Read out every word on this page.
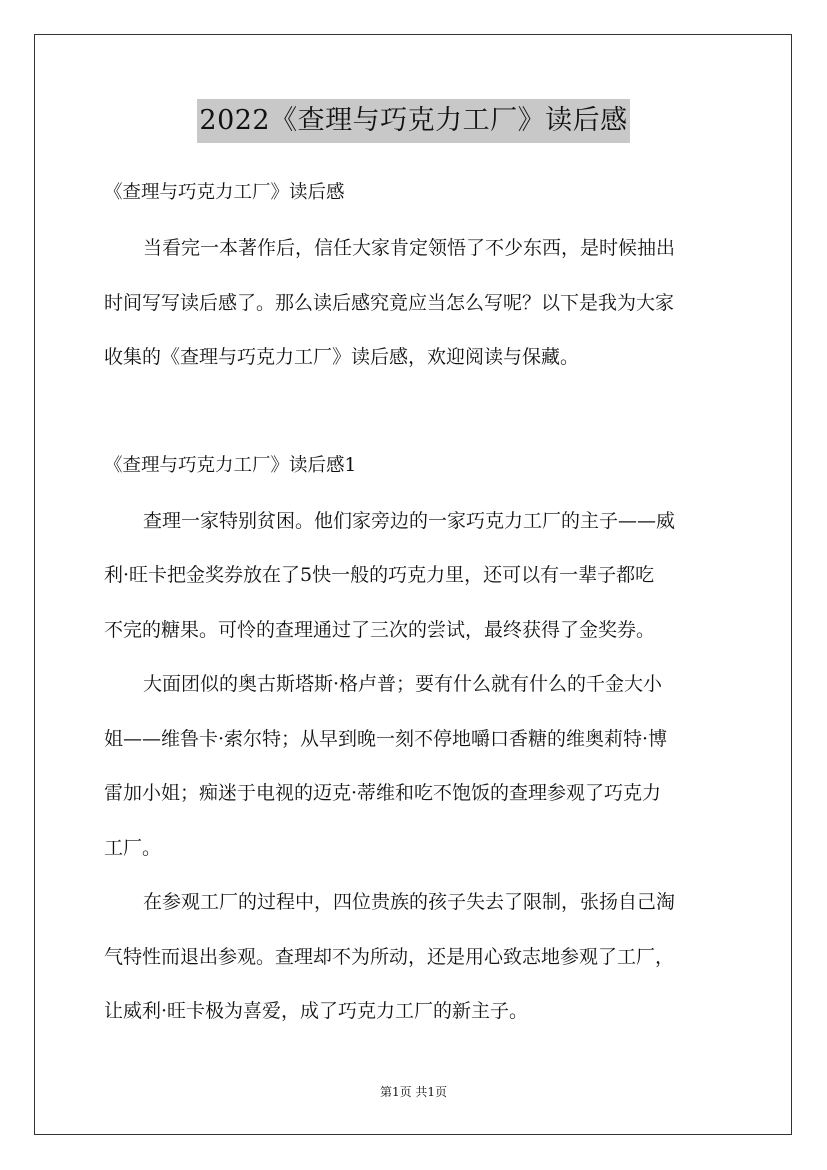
2022《查理与巧克力工厂》读后感
《查理与巧克力工厂》读后感
当看完一本著作后，信任大家肯定领悟了不少东西，是时候抽出
时间写写读后感了。那么读后感究竟应当怎么写呢？以下是我为大家
收集的《查理与巧克力工厂》读后感，欢迎阅读与保藏。
《查理与巧克力工厂》读后感1
查理一家特别贫困。他们家旁边的一家巧克力工厂的主子——威
利·旺卡把金奖券放在了5快一般的巧克力里，还可以有一辈子都吃
不完的糖果。可怜的查理通过了三次的尝试，最终获得了金奖券。
大面团似的奥古斯塔斯·格卢普；要有什么就有什么的千金大小
姐——维鲁卡·索尔特；从早到晚一刻不停地嚼口香糖的维奥莉特·博
雷加小姐；痴迷于电视的迈克·蒂维和吃不饱饭的查理参观了巧克力
工厂。
在参观工厂的过程中，四位贵族的孩子失去了限制，张扬自己淘
气特性而退出参观。查理却不为所动，还是用心致志地参观了工厂，
让威利·旺卡极为喜爱，成了巧克力工厂的新主子。
第1页 共1页
